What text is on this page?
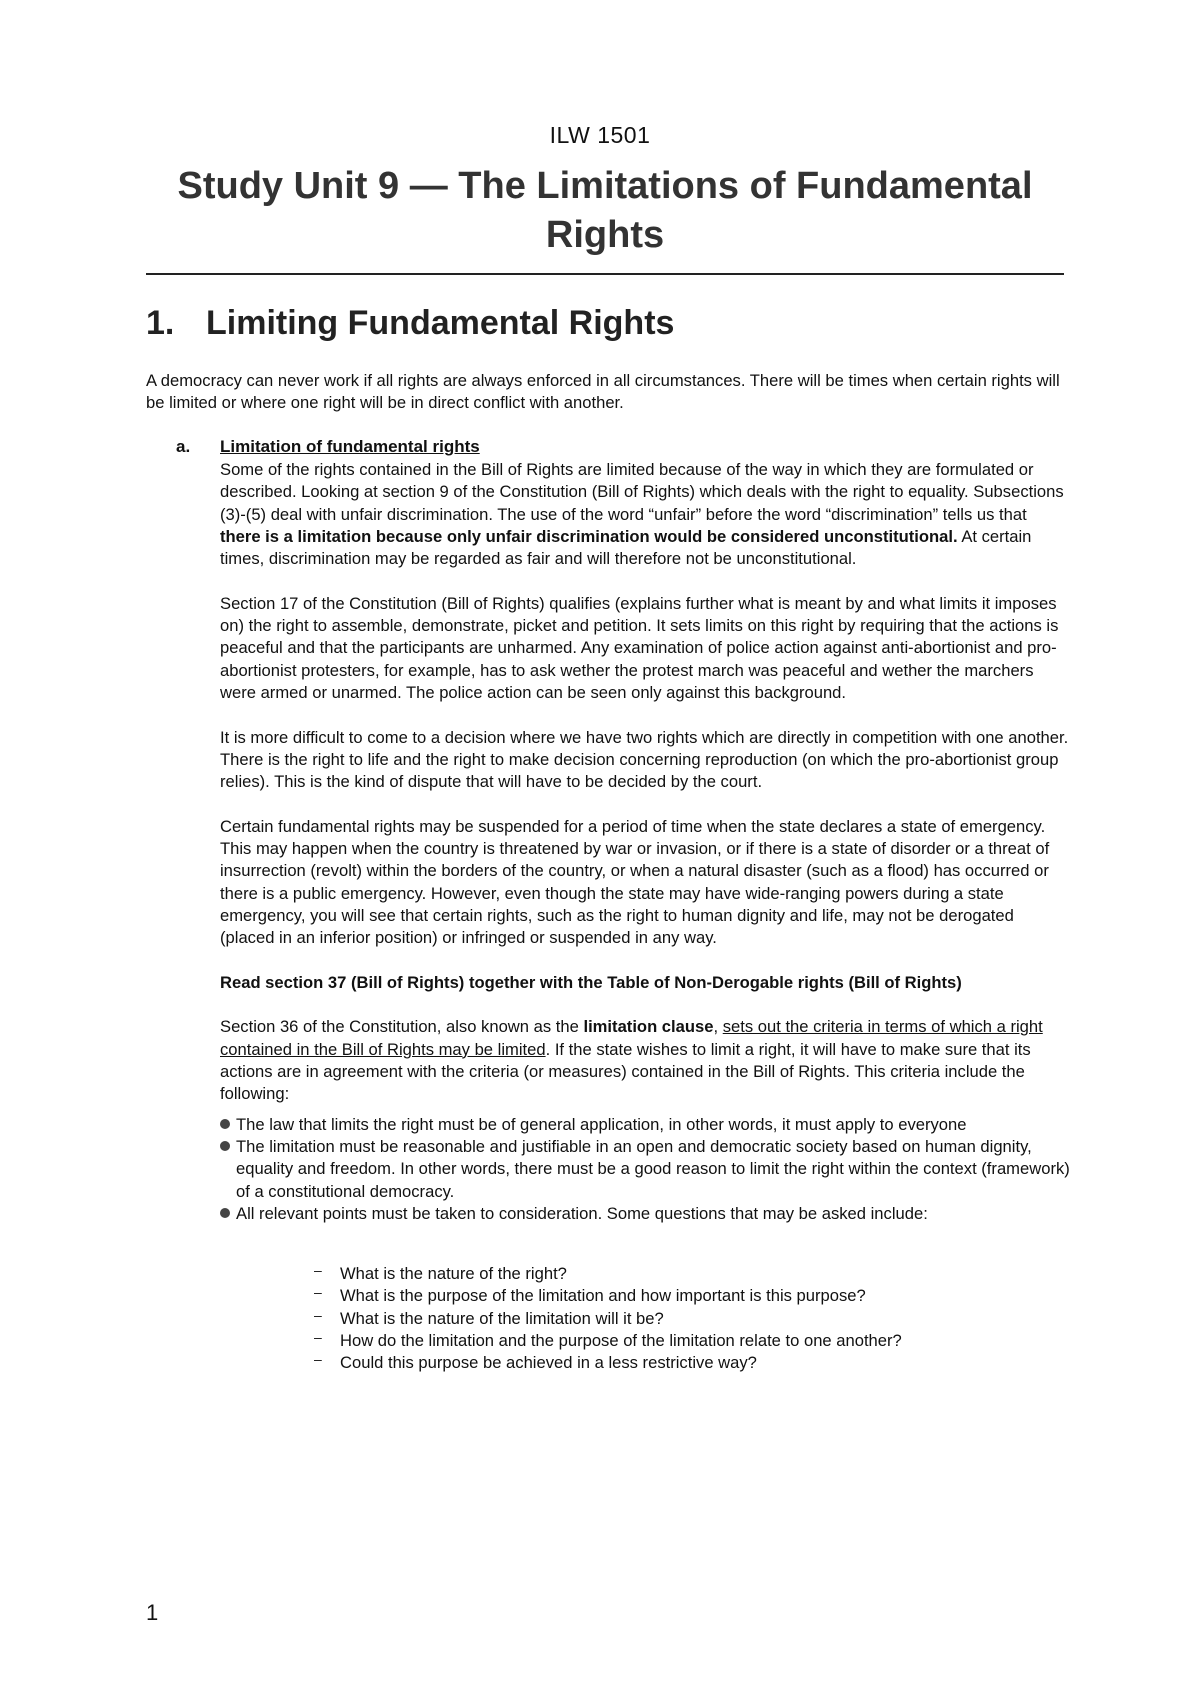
ILW 1501
Study Unit 9 — The Limitations of Fundamental Rights
1. Limiting Fundamental Rights
A democracy can never work if all rights are always enforced in all circumstances. There will be times when certain rights will be limited or where one right will be in direct conflict with another.
a. Limitation of fundamental rights

Some of the rights contained in the Bill of Rights are limited because of the way in which they are formulated or described. Looking at section 9 of the Constitution (Bill of Rights) which deals with the right to equality. Subsections (3)-(5) deal with unfair discrimination. The use of the word “unfair” before the word “discrimination” tells us that there is a limitation because only unfair discrimination would be considered unconstitutional. At certain times, discrimination may be regarded as fair and will therefore not be unconstitutional.

Section 17 of the Constitution (Bill of Rights) qualifies (explains further what is meant by and what limits it imposes on) the right to assemble, demonstrate, picket and petition. It sets limits on this right by requiring that the actions is peaceful and that the participants are unharmed. Any examination of police action against anti-abortionist and pro-abortionist protesters, for example, has to ask wether the protest march was peaceful and wether the marchers were armed or unarmed. The police action can be seen only against this background.

It is more difficult to come to a decision where we have two rights which are directly in competition with one another. There is the right to life and the right to make decision concerning reproduction (on which the pro-abortionist group relies). This is the kind of dispute that will have to be decided by the court.

Certain fundamental rights may be suspended for a period of time when the state declares a state of emergency. This may happen when the country is threatened by war or invasion, or if there is a state of disorder or a threat of insurrection (revolt) within the borders of the country, or when a natural disaster (such as a flood) has occurred or there is a public emergency. However, even though the state may have wide-ranging powers during a state emergency, you will see that certain rights, such as the right to human dignity and life, may not be derogated (placed in an inferior position) or infringed or suspended in any way.

Read section 37 (Bill of Rights) together with the Table of Non-Derogable rights (Bill of Rights)

Section 36 of the Constitution, also known as the limitation clause, sets out the criteria in terms of which a right contained in the Bill of Rights may be limited. If the state wishes to limit a right, it will have to make sure that its actions are in agreement with the criteria (or measures) contained in the Bill of Rights. This criteria include the following:

The law that limits the right must be of general application, in other words, it must apply to everyone
The limitation must be reasonable and justifiable in an open and democratic society based on human dignity, equality and freedom. In other words, there must be a good reason to limit the right within the context (framework) of a constitutional democracy.
All relevant points must be taken to consideration. Some questions that may be asked include:
– What is the nature of the right?
– What is the purpose of the limitation and how important is this purpose?
– What is the nature of the limitation will it be?
– How do the limitation and the purpose of the limitation relate to one another?
– Could this purpose be achieved in a less restrictive way?
1
